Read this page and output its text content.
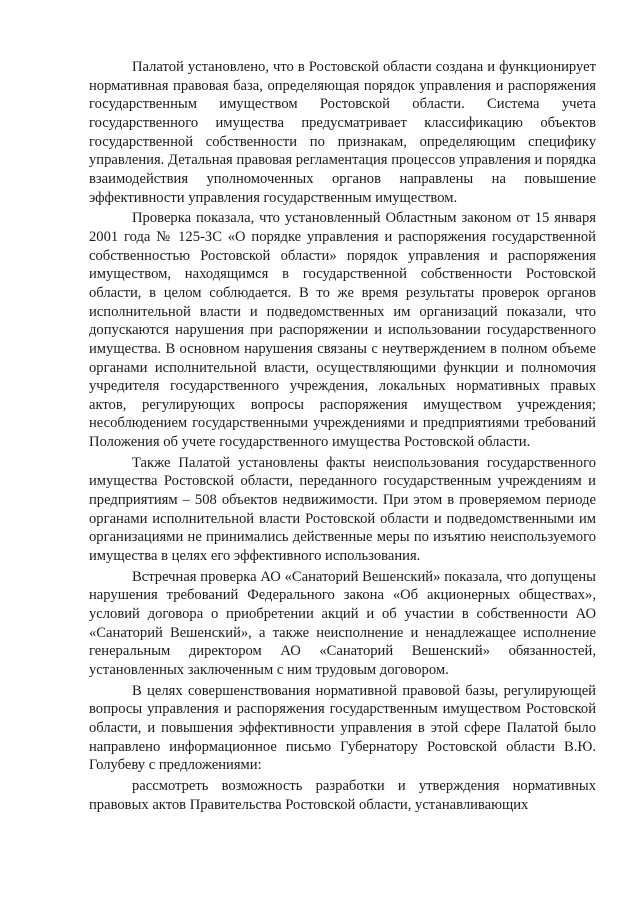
Палатой установлено, что в Ростовской области создана и функционирует нормативная правовая база, определяющая порядок управления и распоряжения государственным имуществом Ростовской области. Система учета государственного имущества предусматривает классификацию объектов государственной собственности по признакам, определяющим специфику управления. Детальная правовая регламентация процессов управления и порядка взаимодействия уполномоченных органов направлены на повышение эффективности управления государственным имуществом.

Проверка показала, что установленный Областным законом от 15 января 2001 года № 125-ЗС «О порядке управления и распоряжения государственной собственностью Ростовской области» порядок управления и распоряжения имуществом, находящимся в государственной собственности Ростовской области, в целом соблюдается. В то же время результаты проверок органов исполнительной власти и подведомственных им организаций показали, что допускаются нарушения при распоряжении и использовании государственного имущества. В основном нарушения связаны с неутверждением в полном объеме органами исполнительной власти, осуществляющими функции и полномочия учредителя государственного учреждения, локальных нормативных правых актов, регулирующих вопросы распоряжения имуществом учреждения; несоблюдением государственными учреждениями и предприятиями требований Положения об учете государственного имущества Ростовской области.

Также Палатой установлены факты неиспользования государственного имущества Ростовской области, переданного государственным учреждениям и предприятиям – 508 объектов недвижимости. При этом в проверяемом периоде органами исполнительной власти Ростовской области и подведомственными им организациями не принимались действенные меры по изъятию неиспользуемого имущества в целях его эффективного использования.

Встречная проверка АО «Санаторий Вешенский» показала, что допущены нарушения требований Федерального закона «Об акционерных обществах», условий договора о приобретении акций и об участии в собственности АО «Санаторий Вешенский», а также неисполнение и ненадлежащее исполнение генеральным директором АО «Санаторий Вешенский» обязанностей, установленных заключенным с ним трудовым договором.

В целях совершенствования нормативной правовой базы, регулирующей вопросы управления и распоряжения государственным имуществом Ростовской области, и повышения эффективности управления в этой сфере Палатой было направлено информационное письмо Губернатору Ростовской области В.Ю. Голубеву с предложениями:

рассмотреть возможность разработки и утверждения нормативных правовых актов Правительства Ростовской области, устанавливающих
